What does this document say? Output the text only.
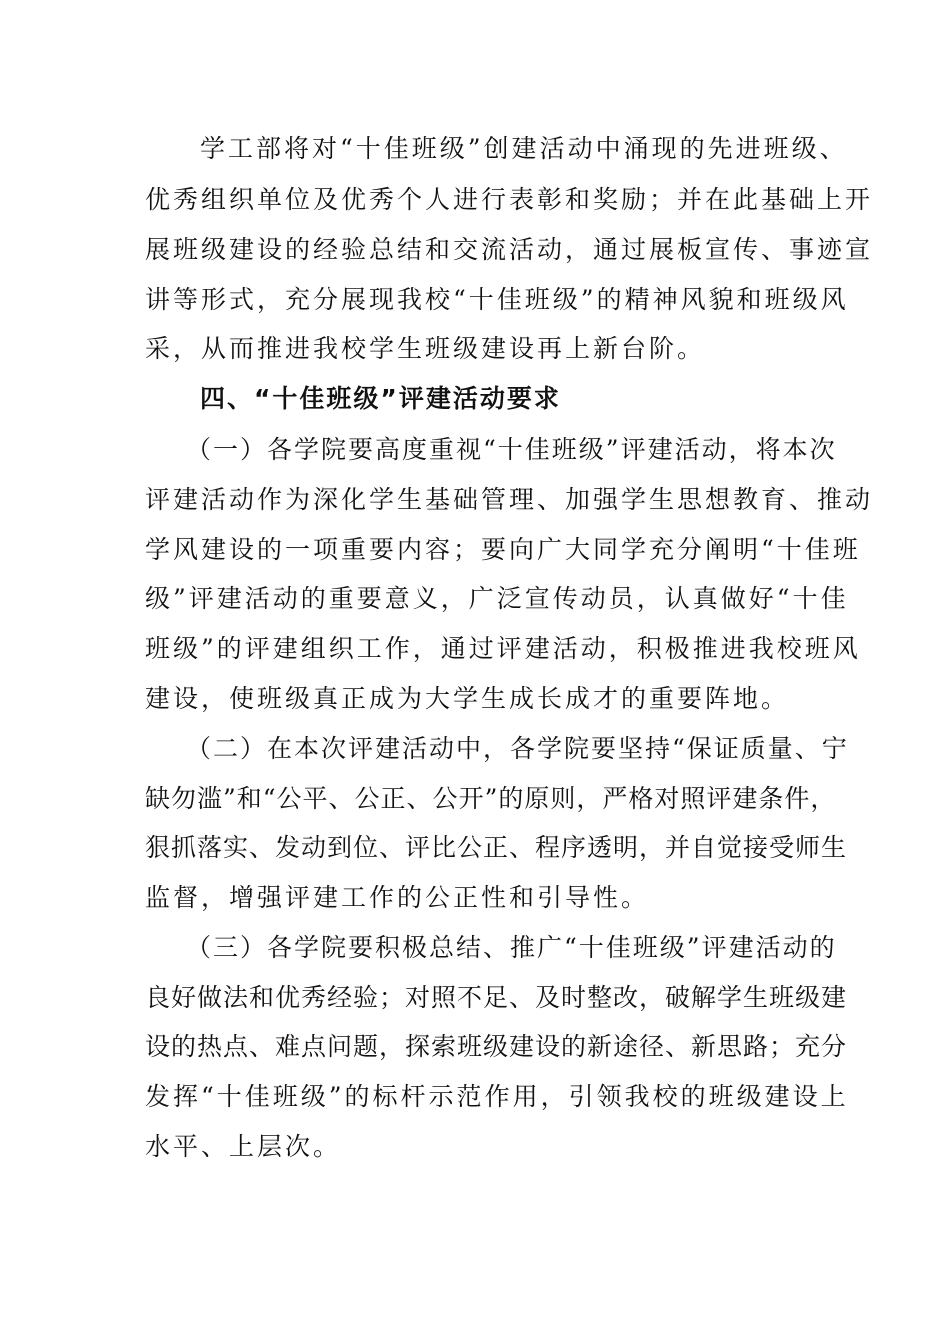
学工部将对“十佳班级”创建活动中涌现的先进班级、
优秀组织单位及优秀个人进行表彰和奖励；并在此基础上开
展班级建设的经验总结和交流活动，通过展板宣传、事迹宣
讲等形式，充分展现我校“十佳班级”的精神风貌和班级风
采，从而推进我校学生班级建设再上新台阶。
四、“十佳班级”评建活动要求
（一）各学院要高度重视“十佳班级”评建活动，将本次
评建活动作为深化学生基础管理、加强学生思想教育、推动
学风建设的一项重要内容；要向广大同学充分阐明“十佳班
级”评建活动的重要意义，广泛宣传动员，认真做好“十佳
班级”的评建组织工作，通过评建活动，积极推进我校班风
建设，使班级真正成为大学生成长成才的重要阵地。
（二）在本次评建活动中，各学院要坚持“保证质量、宁
缺勿滥”和“公平、公正、公开”的原则，严格对照评建条件，
狠抓落实、发动到位、评比公正、程序透明，并自觉接受师生
监督，增强评建工作的公正性和引导性。
（三）各学院要积极总结、推广“十佳班级”评建活动的
良好做法和优秀经验；对照不足、及时整改，破解学生班级建
设的热点、难点问题，探索班级建设的新途径、新思路；充分
发挥“十佳班级”的标杆示范作用，引领我校的班级建设上
水平、上层次。
